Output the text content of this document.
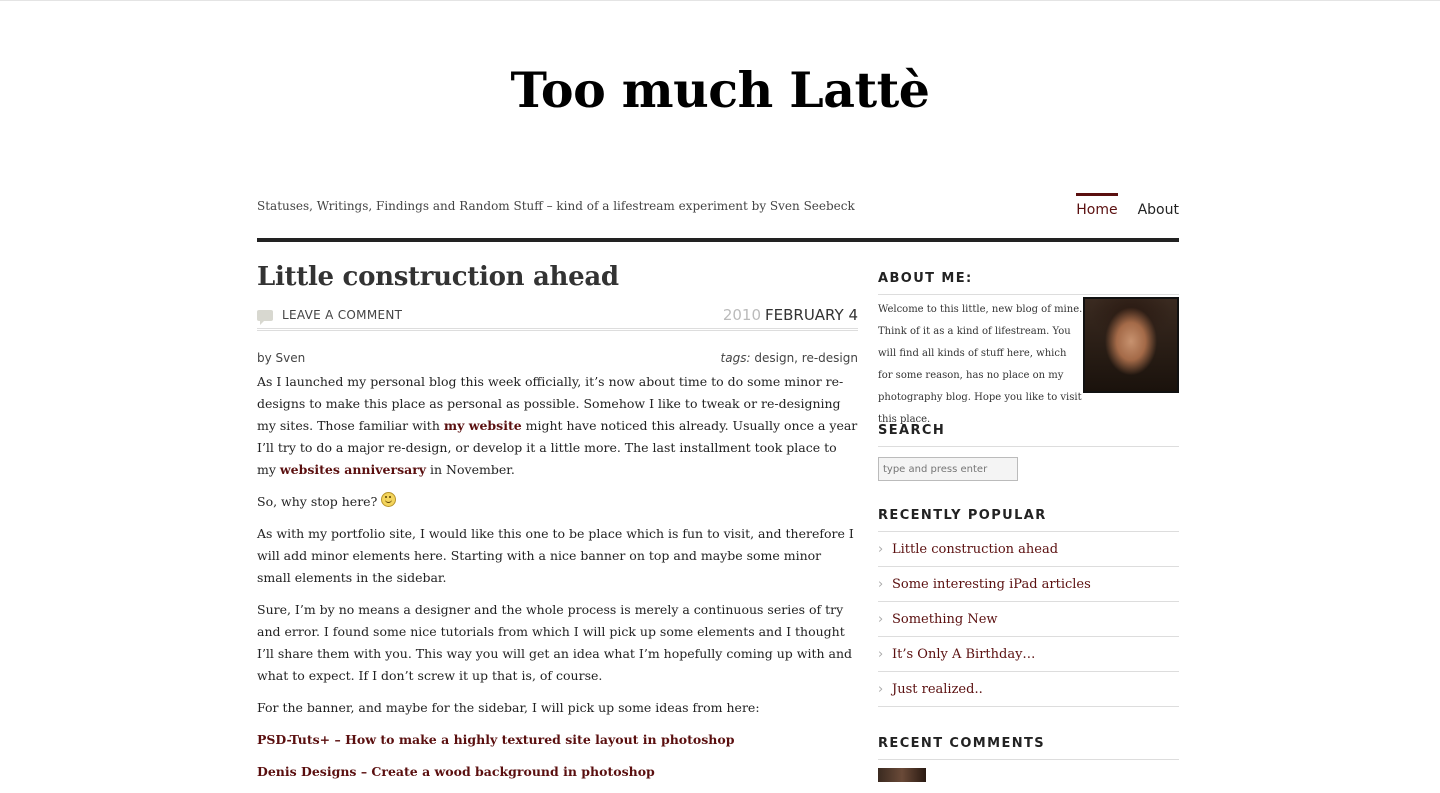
Too much Lattè
Statuses, Writings, Findings and Random Stuff – kind of a lifestream experiment by Sven Seebeck	Home About
Little construction ahead
LEAVE A COMMENT	2010 FEBRUARY 4
by Sven	tags: design, re-design

As I launched my personal blog this week officially, it’s now about time to do some minor re-designs to make this place as personal as possible. Somehow I like to tweak or re-designing my sites. Those familiar with my website might have noticed this already. Usually once a year I’ll try to do a major re-design, or develop it a little more. The last installment took place to my websites anniversary in November.

So, why stop here?

As with my portfolio site, I would like this one to be place which is fun to visit, and therefore I will add minor elements here. Starting with a nice banner on top and maybe some minor small elements in the sidebar.

Sure, I’m by no means a designer and the whole process is merely a continuous series of try and error. I found some nice tutorials from which I will pick up some elements and I thought I’ll share them with you. This way you will get an idea what I’m hopefully coming up with and what to expect. If I don’t screw it up that is, of course.

For the banner, and maybe for the sidebar, I will pick up some ideas from here:

PSD-Tuts+ – How to make a highly textured site layout in photoshop

Denis Designs – Create a wood background in photoshop

ABOUT ME:
Welcome to this little, new blog of mine. Think of it as a kind of lifestream. You will find all kinds of stuff here, which for some reason, has no place on my photography blog. Hope you like to visit this place.
SEARCH
type and press enter
RECENTLY POPULAR
› Little construction ahead
› Some interesting iPad articles
› Something New
› It’s Only A Birthday…
› Just realized..
RECENT COMMENTS
